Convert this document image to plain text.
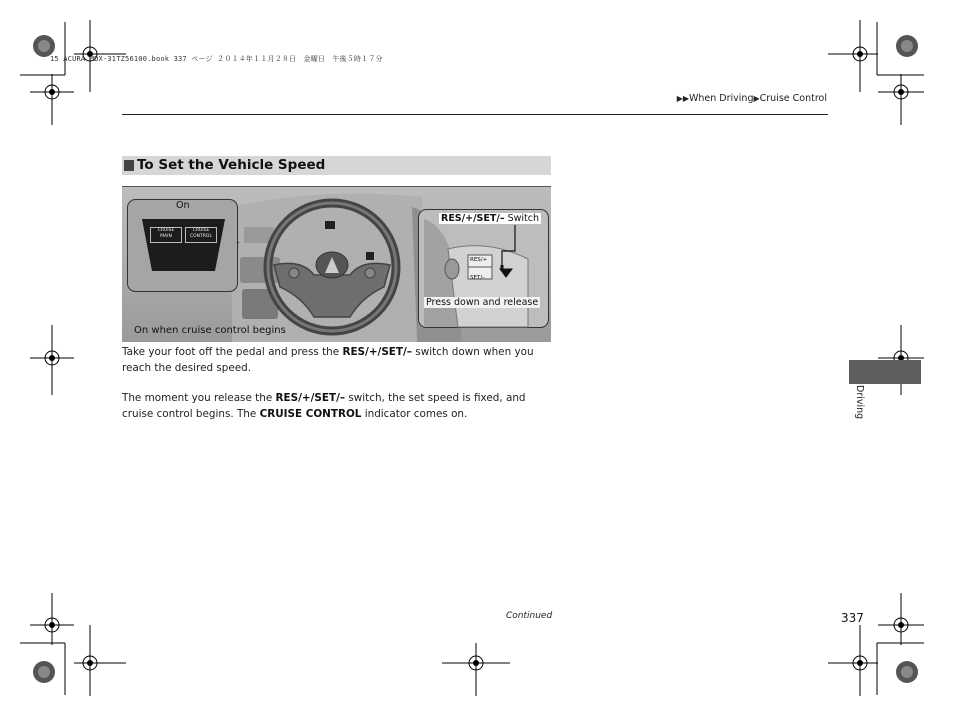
15 ACURA MDX-31TZ56100.book 337 ページ ２０１４年１１月２８日　金曜日　午後５時１７分
▶▶When Driving▶Cruise Control
To Set the Vehicle Speed
On
CRUISE
MAIN
CRUISE
CONTROL
RES/+/SET/– Switch
RES/+
SET/–
Press down and release
On when cruise control begins
Take your foot off the pedal and press the RES/+/SET/– switch down when you reach the desired speed.
The moment you release the RES/+/SET/– switch, the set speed is fixed, and cruise control begins. The CRUISE CONTROL indicator comes on.	Driving
Continued	337
